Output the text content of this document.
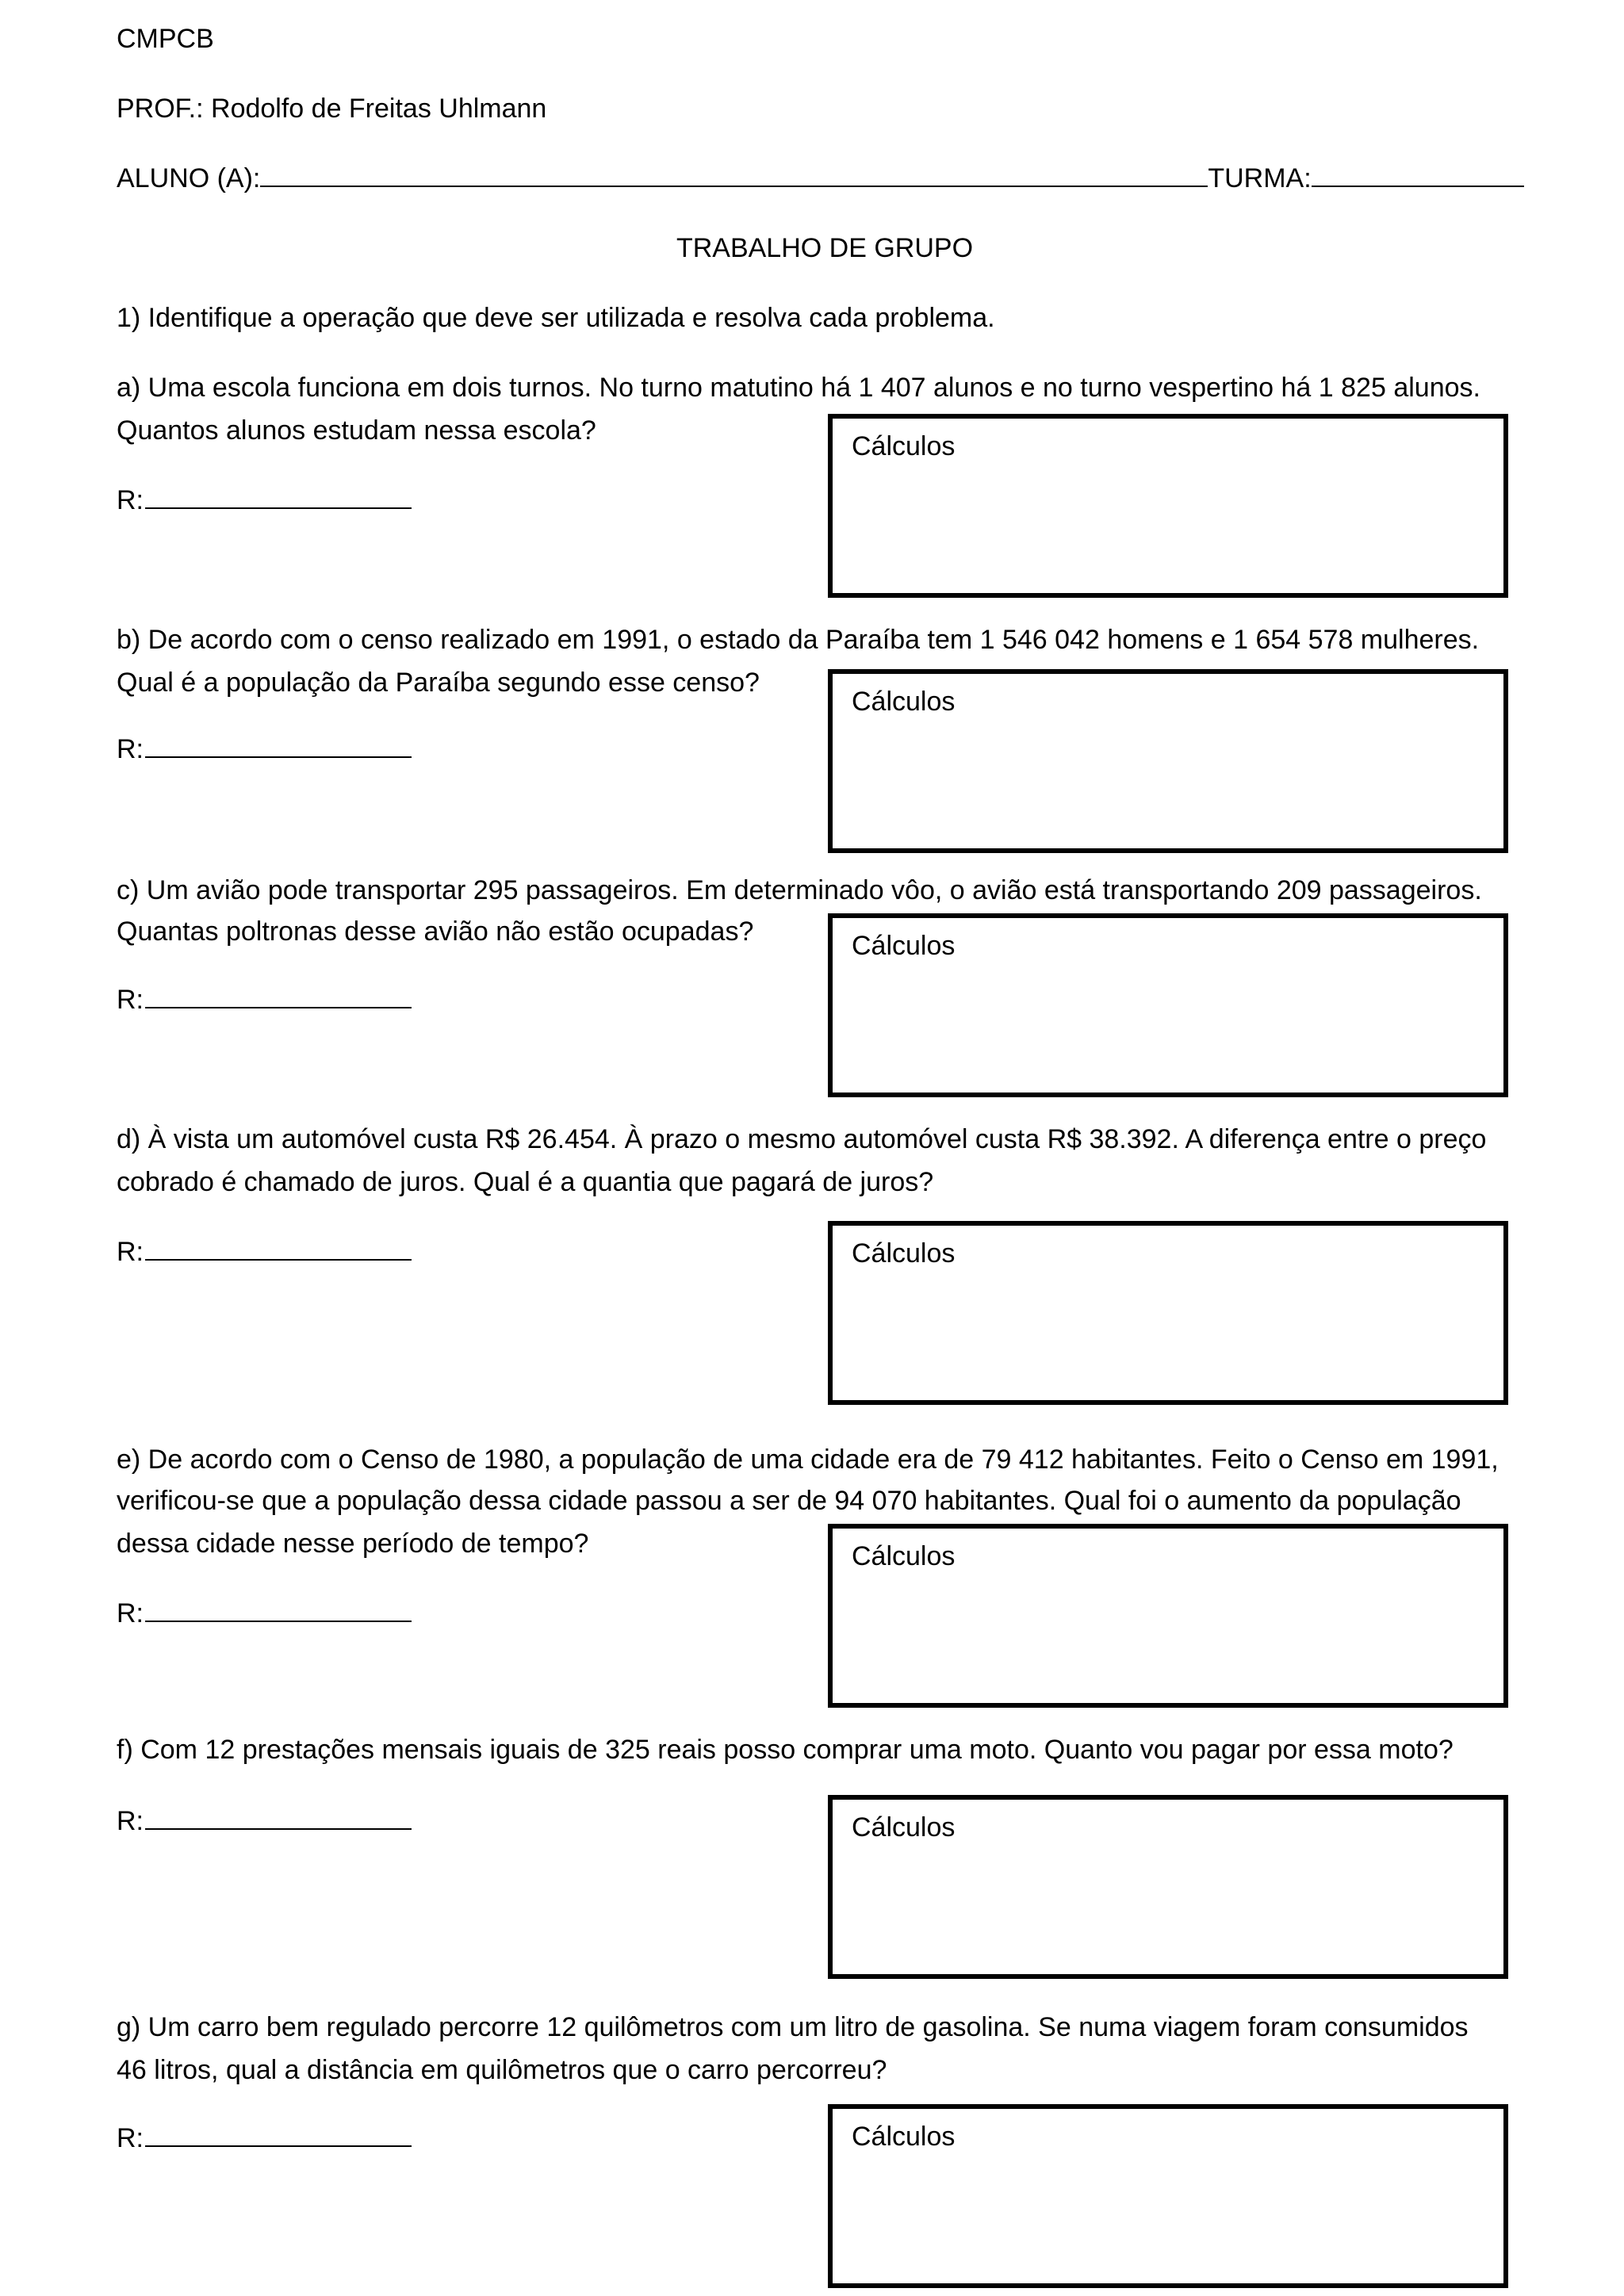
CMPCB
PROF.: Rodolfo de Freitas Uhlmann
ALUNO (A):	TURMA:
TRABALHO DE GRUPO
1) Identifique a operação que deve ser utilizada e resolva cada problema.
a) Uma escola funciona em dois turnos. No turno matutino há 1 407 alunos e no turno vespertino há 1 825 alunos.
Quantos alunos estudam nessa escola?
R:
Cálculos
b) De acordo com o censo realizado em 1991, o estado da Paraíba tem 1 546 042 homens e 1 654 578 mulheres.
Qual é a população da Paraíba segundo esse censo?
R:
Cálculos
c) Um avião pode transportar 295 passageiros. Em determinado vôo, o avião está transportando 209 passageiros.
Quantas poltronas desse avião não estão ocupadas?
R:
Cálculos
d) À vista um automóvel custa R$ 26.454. À prazo o mesmo automóvel custa R$ 38.392. A diferença entre o preço
cobrado é chamado de juros. Qual é a quantia que pagará de juros?
R:	Cálculos
e) De acordo com o Censo de 1980, a população de uma cidade era de 79 412 habitantes. Feito o Censo em 1991,
verificou-se que a população dessa cidade passou a ser de 94 070 habitantes. Qual foi o aumento da população
dessa cidade nesse período de tempo?
R:
Cálculos
f) Com 12 prestações mensais iguais de 325 reais posso comprar uma moto. Quanto vou pagar por essa moto?
R:	Cálculos
g) Um carro bem regulado percorre 12 quilômetros com um litro de gasolina. Se numa viagem foram consumidos
46 litros, qual a distância em quilômetros que o carro percorreu?
R:	Cálculos
